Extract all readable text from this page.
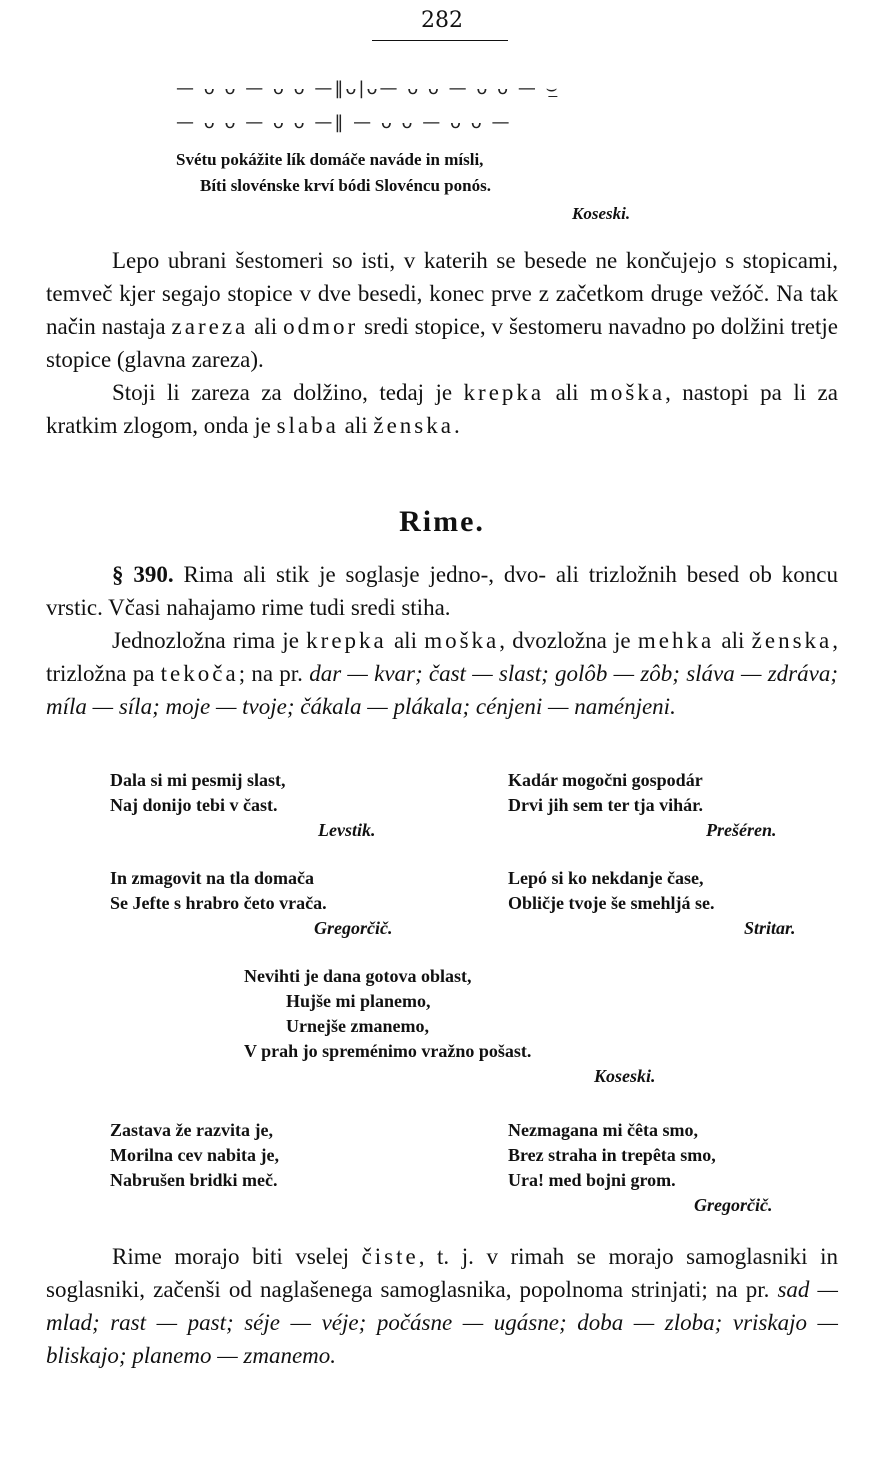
282
— ᴗ ᴗ — ᴗ ᴗ —‖ᴗ|ᴗ— ᴗ ᴗ — ᴗ ᴗ — ⌣̲
— ᴗ ᴗ — ᴗ ᴗ —‖ — ᴗ ᴗ — ᴗ ᴗ —
Svétu pokážite lík domáče naváde in mísli,
Bíti slovénske krví bódi Slovéncu ponós.
Koseski.

Lepo ubrani šestomeri so isti, v katerih se besede ne končujejo s stopicami, temveč kjer segajo stopice v dve besedi, konec prve z začetkom druge vežóč. Na tak način nastaja zareza ali odmor sredi stopice, v šestomeru navadno po dolžini tretje stopice (glavna zareza).

Stoji li zareza za dolžino, tedaj je krepka ali moška, nastopi pa li za kratkim zlogom, onda je slaba ali ženska.

Rime.

§ 390. Rima ali stik je soglasje jedno-, dvo- ali trizložnih besed ob koncu vrstic. Včasi nahajamo rime tudi sredi stiha.

Jednozložna rima je krepka ali moška, dvozložna je mehka ali ženska, trizložna pa tekoča; na pr. dar — kvar; čast — slast; golôb — zôb; sláva — zdráva; míla — síla; moje — tvoje; čákala — plákala; cénjeni — naménjeni.

Dala si mi pesmij slast,
Naj donijo tebi v čast.
Levstik.
Kadár mogočni gospodár
Drvi jih sem ter tja vihár.
Prešéren.
In zmagovit na tla domača
Se Jefte s hrabro četo vrača.
Gregorčič.
Lepó si ko nekdanje čase,
Obličje tvoje še smehljá se.
Stritar.
Nevihti je dana gotova oblast,
Hujše mi planemo,
Urnejše zmanemo,
V prah jo spreménimo vražno pošast.
Koseski.
Zastava že razvita je,
Morilna cev nabita je,
Nabrušen bridki meč.
Nezmagana mi čêta smo,
Brez straha in trepêta smo,
Ura! med bojni grom.
Gregorčič.

Rime morajo biti vselej čiste, t. j. v rimah se morajo samoglasniki in soglasniki, začenši od naglašenega samoglasnika, popolnoma strinjati; na pr. sad — mlad; rast — past; séje — véje; počásne — ugásne; doba — zloba; vriskajo — bliskajo; planemo — zmanemo.
